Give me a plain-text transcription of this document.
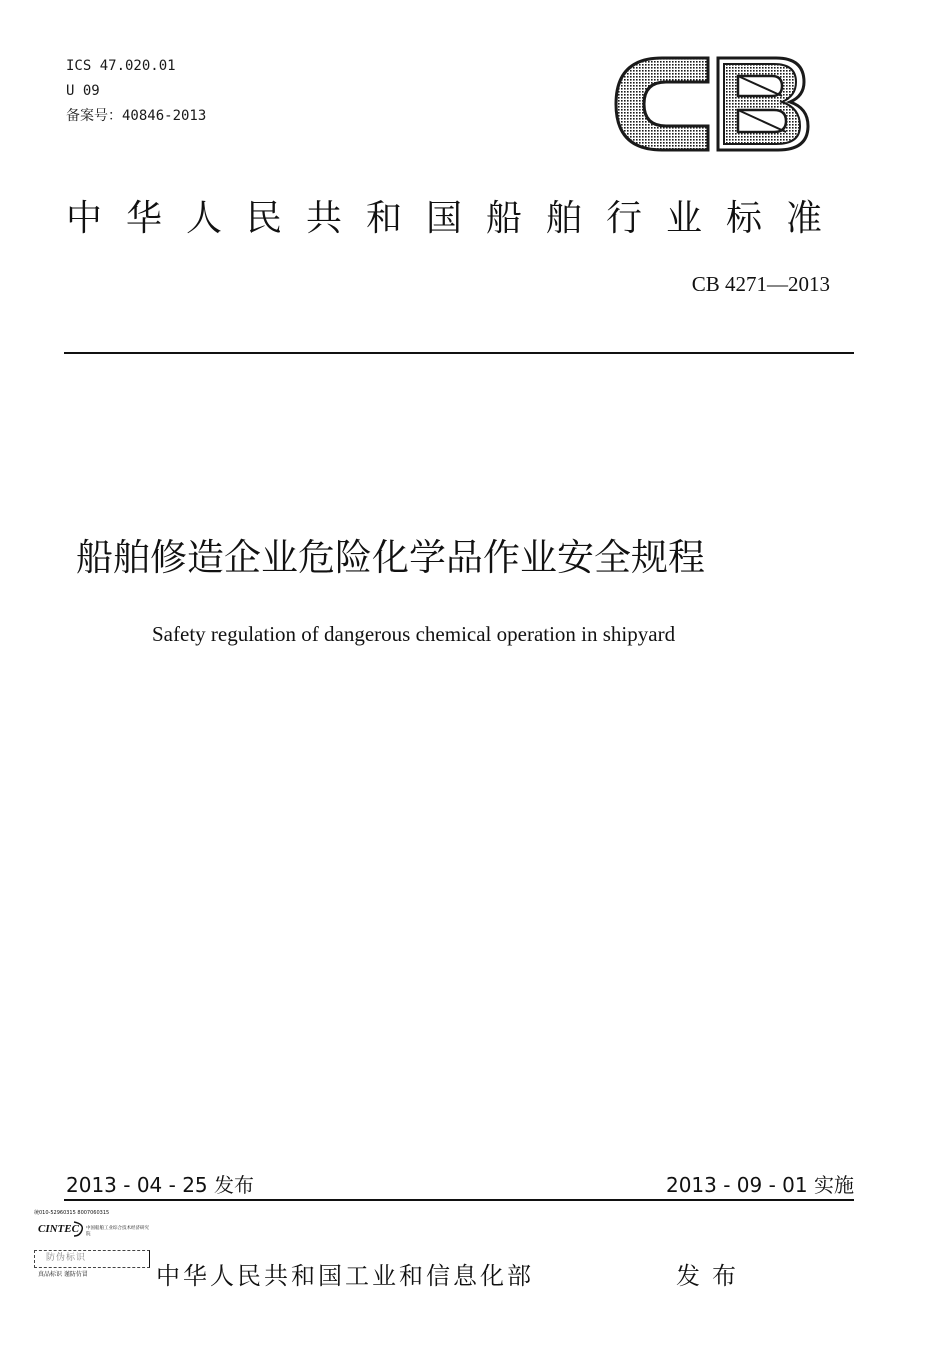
ICS 47.020.01
U 09
备案号：40846-2013
中华人民共和国船舶行业标准
CB 4271—2013
船舶修造企业危险化学品作业安全规程
Safety regulation of dangerous chemical operation in shipyard
2013 - 04 - 25 发布	2013 - 09 - 01 实施
统010-52960315 8007060315
CINTEC 中国船舶工业综合技术经济研究院
防伪标识
真品标识 谨防仿冒	中华人民共和国工业和信息化部	发布
